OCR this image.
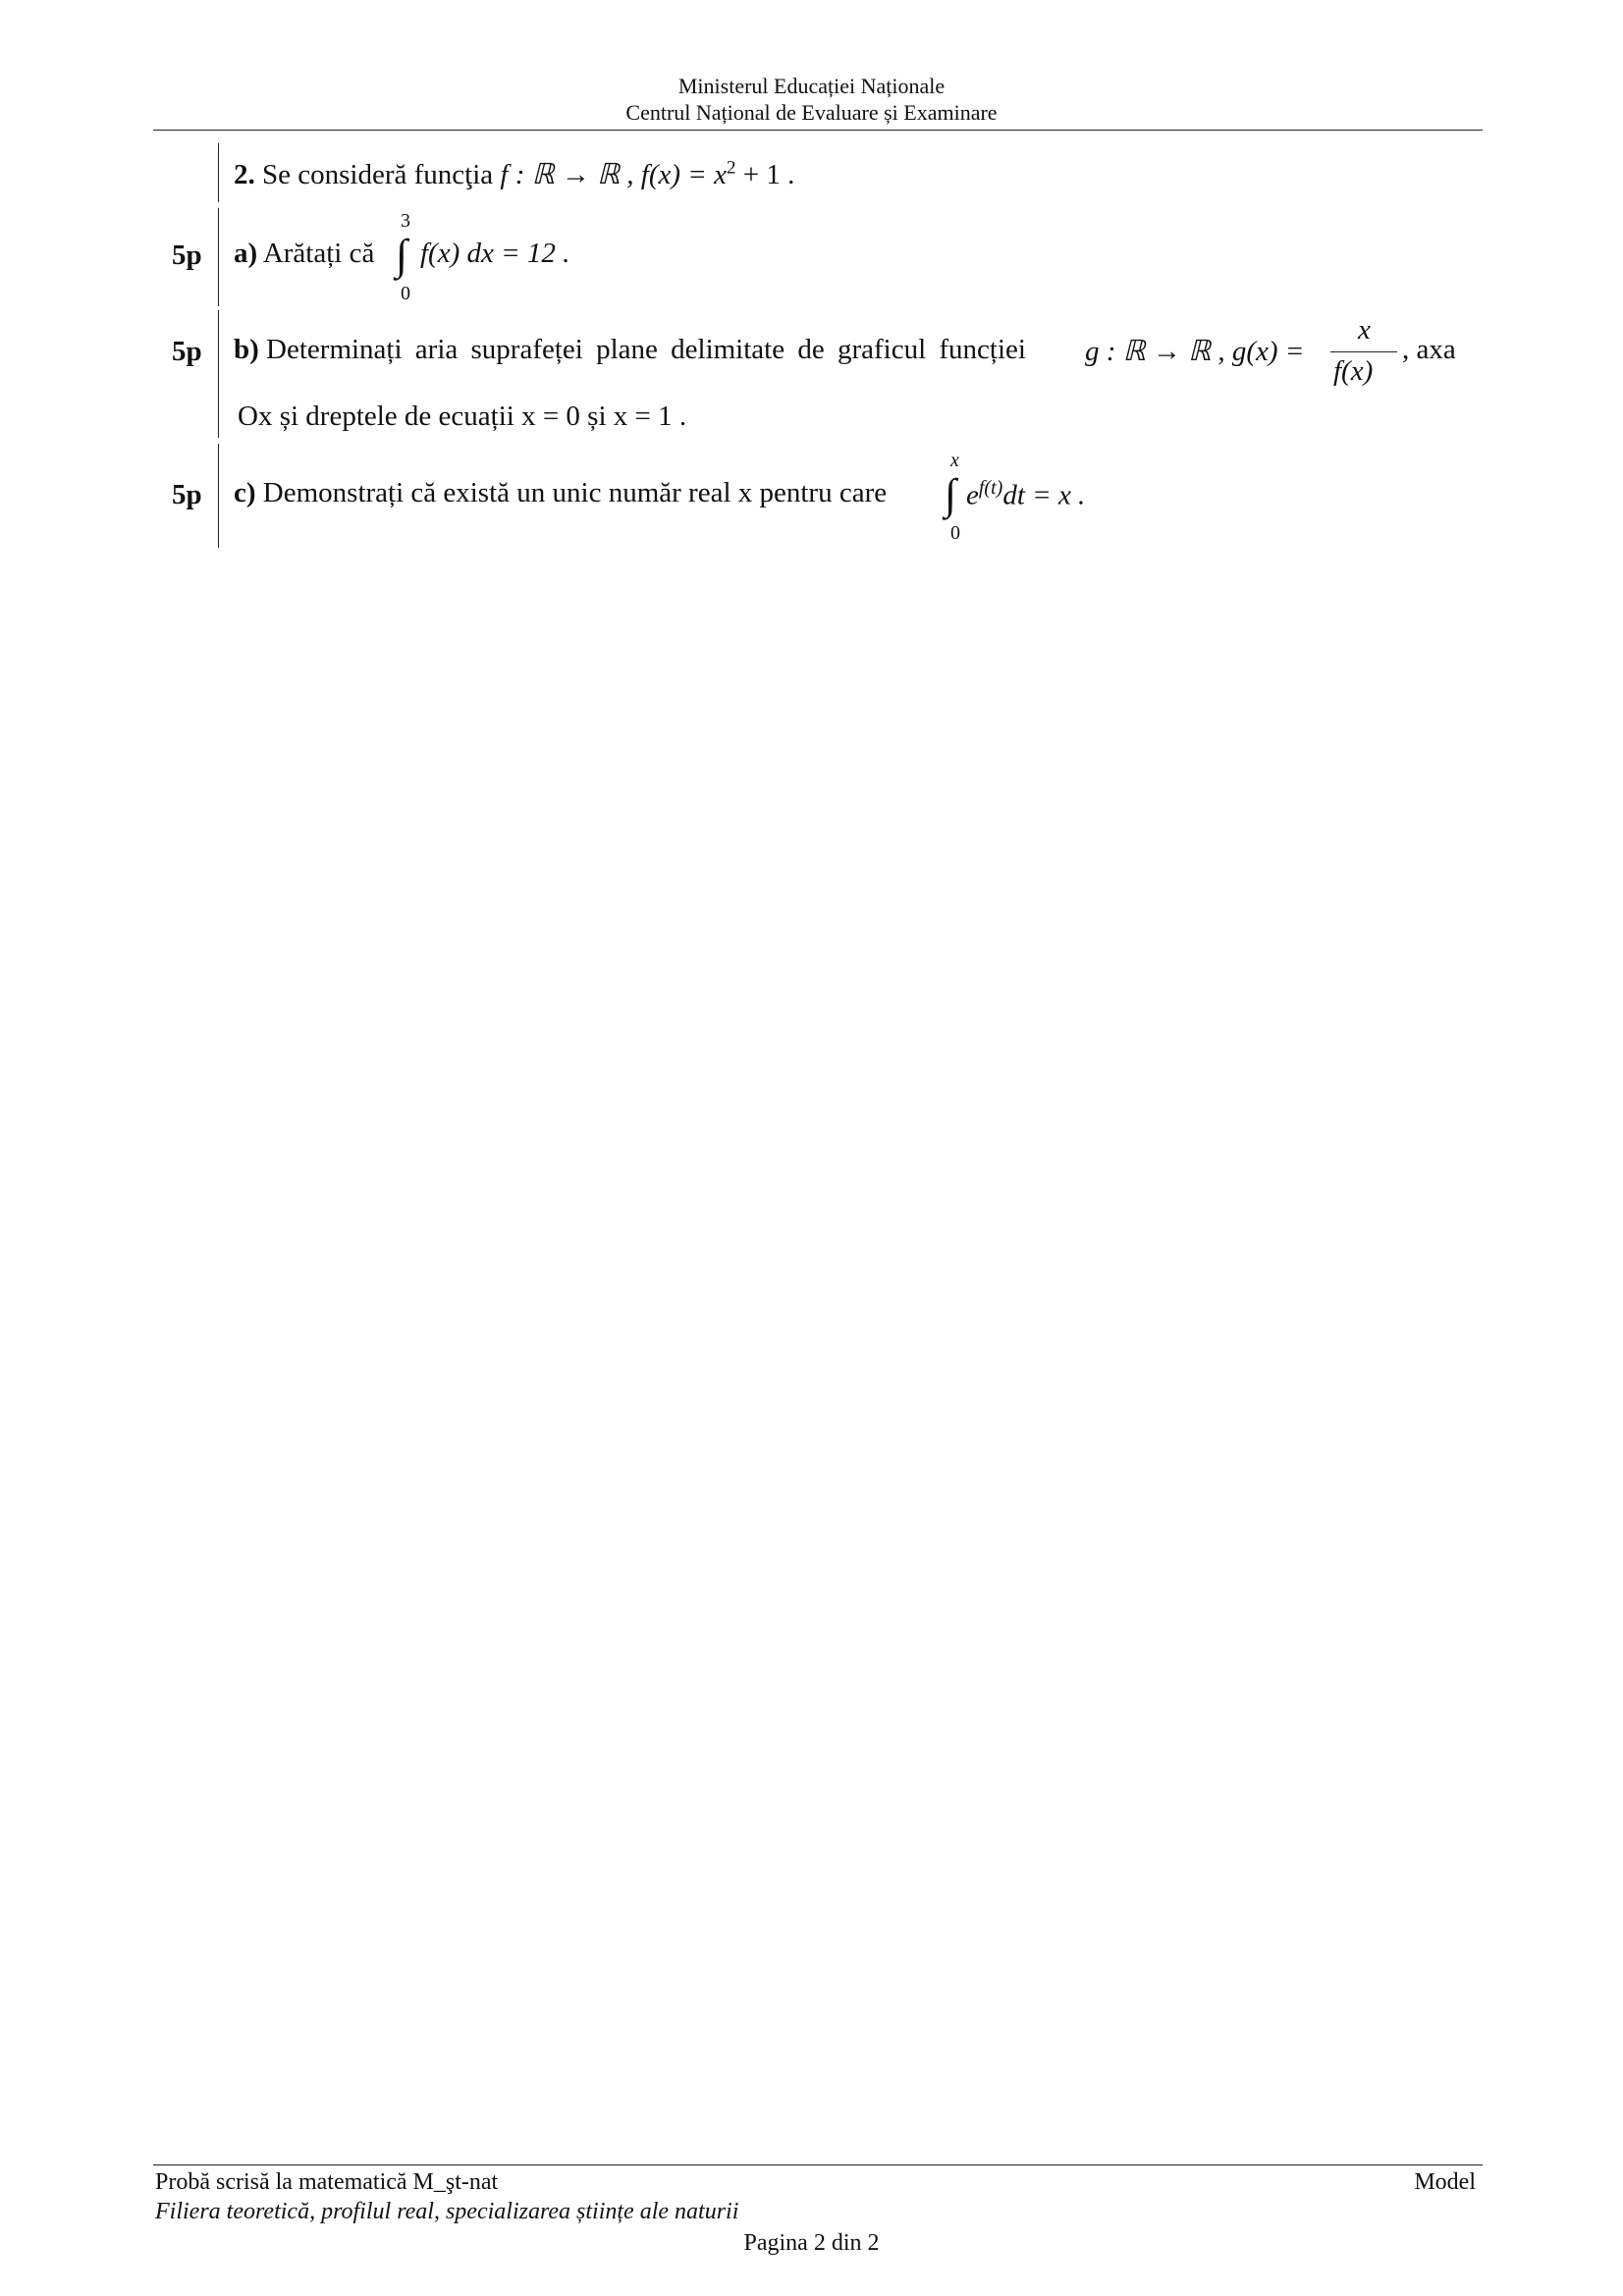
Ministerul Educației Naționale
Centrul Național de Evaluare și Examinare
2. Se consideră funcţia f : ℝ → ℝ , $f(x) = x^2 + 1$ .
5p a) Arătați că
3
∫
0
f(x) dx = 12 .
5p b) Determinați aria suprafeței plane delimitate de graficul funcției g : ℝ → ℝ , g(x) =
x
f(x)
, axa
Ox și dreptele de ecuații x = 0 și x = 1 .
5p c) Demonstrați că există un unic număr real x pentru care
x
∫
0
$e^{f(t)}dt = x$ .
Probă scrisă la matematică M_şt-nat
Filiera teoretică, profilul real, specializarea științe ale naturii
Model
Pagina 2 din 2
